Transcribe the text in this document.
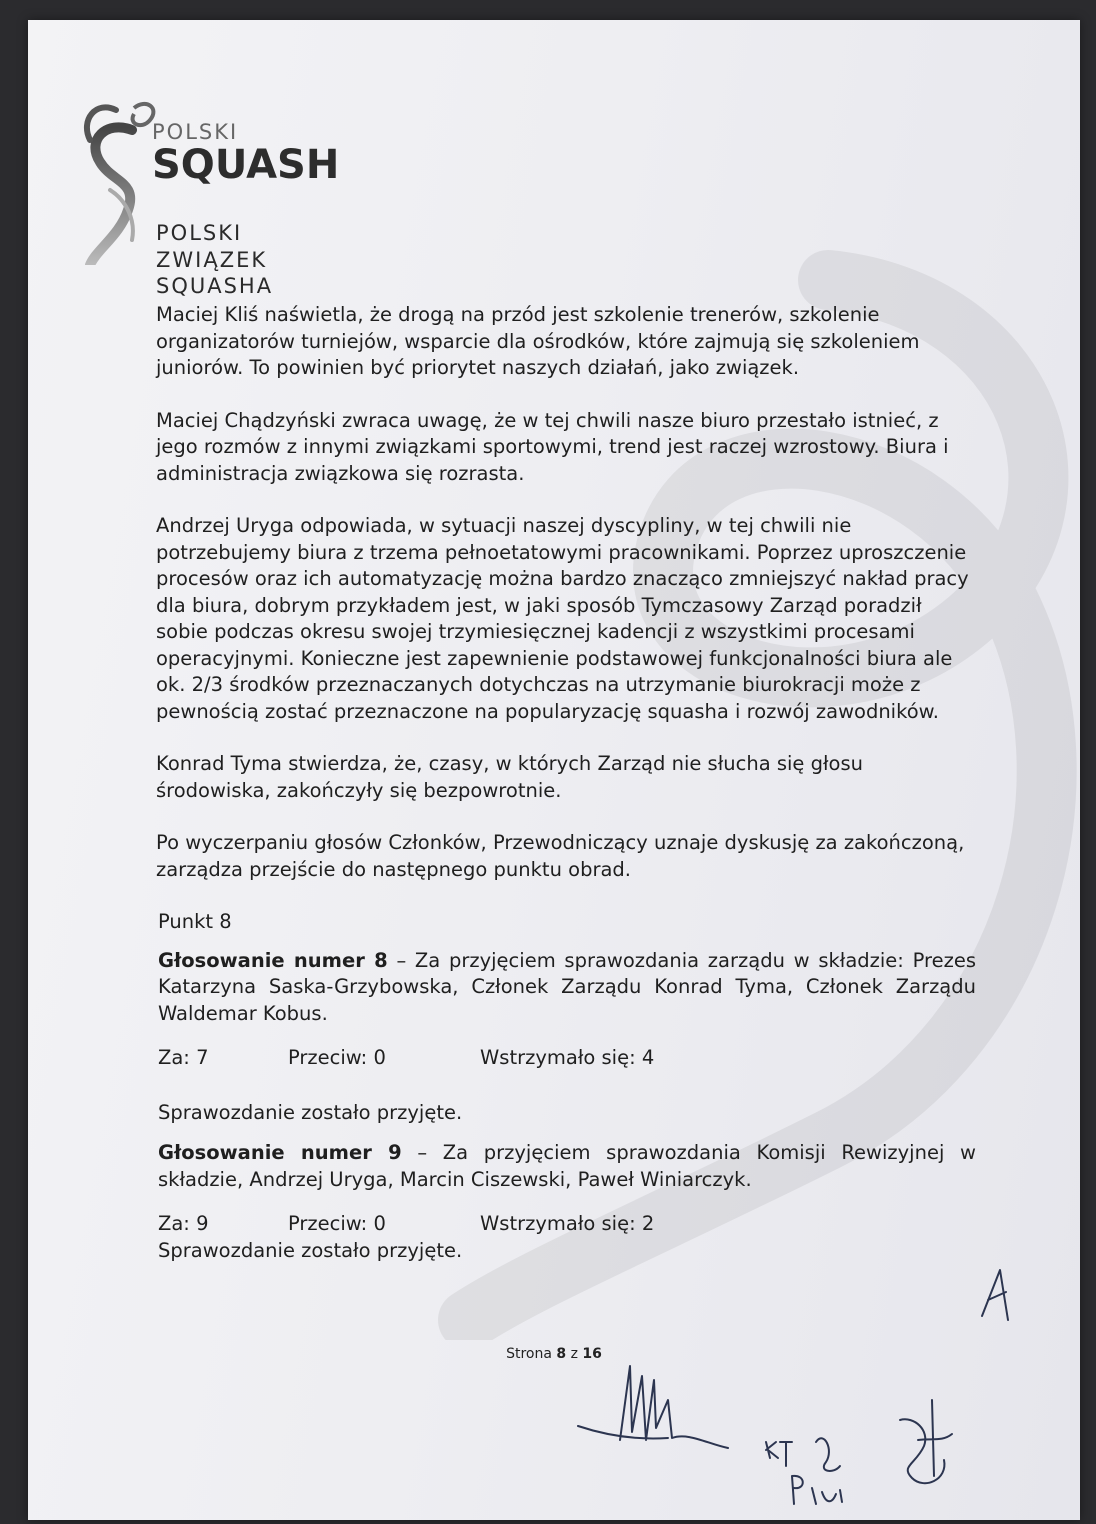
POLSKI
SQUASH
POLSKI
ZWIĄZEK
SQUASHA

Maciej Kliś naświetla, że drogą na przód jest szkolenie trenerów, szkolenie organizatorów turniejów, wsparcie dla ośrodków, które zajmują się szkoleniem juniorów. To powinien być priorytet naszych działań, jako związek.

Maciej Chądzyński zwraca uwagę, że w tej chwili nasze biuro przestało istnieć, z jego rozmów z innymi związkami sportowymi, trend jest raczej wzrostowy. Biura i administracja związkowa się rozrasta.

Andrzej Uryga odpowiada, w sytuacji naszej dyscypliny, w tej chwili nie potrzebujemy biura z trzema pełnoetatowymi pracownikami. Poprzez uproszczenie procesów oraz ich automatyzację można bardzo znacząco zmniejszyć nakład pracy dla biura, dobrym przykładem jest, w jaki sposób Tymczasowy Zarząd poradził sobie podczas okresu swojej trzymiesięcznej kadencji z wszystkimi procesami operacyjnymi. Konieczne jest zapewnienie podstawowej funkcjonalności biura ale ok. 2/3 środków przeznaczanych dotychczas na utrzymanie biurokracji może z pewnością zostać przeznaczone na popularyzację squasha i rozwój zawodników.

Konrad Tyma stwierdza, że, czasy, w których Zarząd nie słucha się głosu środowiska, zakończyły się bezpowrotnie.

Po wyczerpaniu głosów Członków, Przewodniczący uznaje dyskusję za zakończoną, zarządza przejście do następnego punktu obrad.

Punkt 8
Głosowanie numer 8 – Za przyjęciem sprawozdania zarządu w składzie: Prezes Katarzyna Saska-Grzybowska, Członek Zarządu Konrad Tyma, Członek Zarządu Waldemar Kobus.
Za: 7	Przeciw: 0	Wstrzymało się: 4
Sprawozdanie zostało przyjęte.
Głosowanie numer 9 – Za przyjęciem sprawozdania Komisji Rewizyjnej w składzie, Andrzej Uryga, Marcin Ciszewski, Paweł Winiarczyk.
Za: 9	Przeciw: 0	Wstrzymało się: 2
Sprawozdanie zostało przyjęte.
Strona 8 z 16
